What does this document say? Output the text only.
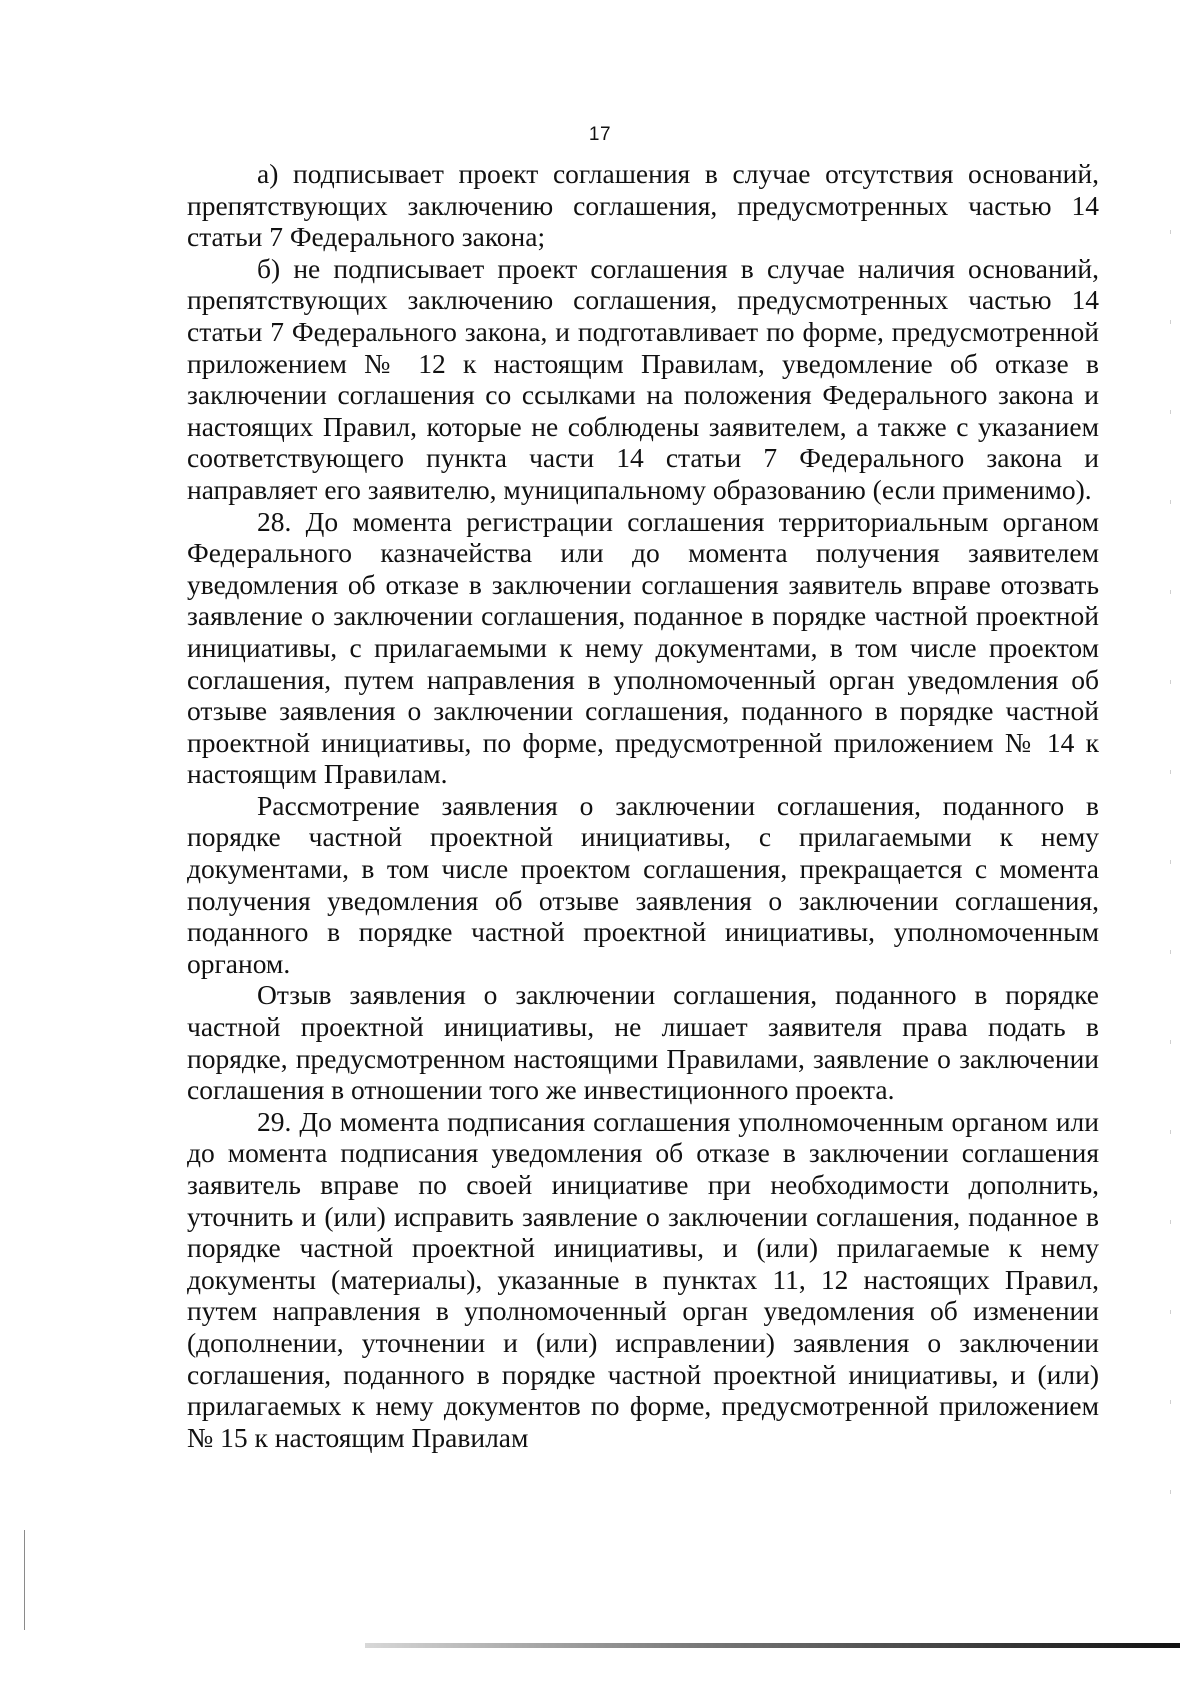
17

а) подписывает проект соглашения в случае отсутствия оснований, препятствующих заключению соглашения, предусмотренных частью 14 статьи 7 Федерального закона;

б) не подписывает проект соглашения в случае наличия оснований, препятствующих заключению соглашения, предусмотренных частью 14 статьи 7 Федерального закона, и подготавливает по форме, предусмотренной приложением № 12 к настоящим Правилам, уведомление об отказе в заключении соглашения со ссылками на положения Федерального закона и настоящих Правил, которые не соблюдены заявителем, а также с указанием соответствующего пункта части 14 статьи 7 Федерального закона и направляет его заявителю, муниципальному образованию (если применимо).

28. До момента регистрации соглашения территориальным органом Федерального казначейства или до момента получения заявителем уведомления об отказе в заключении соглашения заявитель вправе отозвать заявление о заключении соглашения, поданное в порядке частной проектной инициативы, с прилагаемыми к нему документами, в том числе проектом соглашения, путем направления в уполномоченный орган уведомления об отзыве заявления о заключении соглашения, поданного в порядке частной проектной инициативы, по форме, предусмотренной приложением № 14 к настоящим Правилам.

Рассмотрение заявления о заключении соглашения, поданного в порядке частной проектной инициативы, с прилагаемыми к нему документами, в том числе проектом соглашения, прекращается с момента получения уведомления об отзыве заявления о заключении соглашения, поданного в порядке частной проектной инициативы, уполномоченным органом.

Отзыв заявления о заключении соглашения, поданного в порядке частной проектной инициативы, не лишает заявителя права подать в порядке, предусмотренном настоящими Правилами, заявление о заключении соглашения в отношении того же инвестиционного проекта.

29. До момента подписания соглашения уполномоченным органом или до момента подписания уведомления об отказе в заключении соглашения заявитель вправе по своей инициативе при необходимости дополнить, уточнить и (или) исправить заявление о заключении соглашения, поданное в порядке частной проектной инициативы, и (или) прилагаемые к нему документы (материалы), указанные в пунктах 11, 12 настоящих Правил, путем направления в уполномоченный орган уведомления об изменении (дополнении, уточнении и (или) исправлении) заявления о заключении соглашения, поданного в порядке частной проектной инициативы, и (или) прилагаемых к нему документов по форме, предусмотренной приложением № 15 к настоящим Правилам
